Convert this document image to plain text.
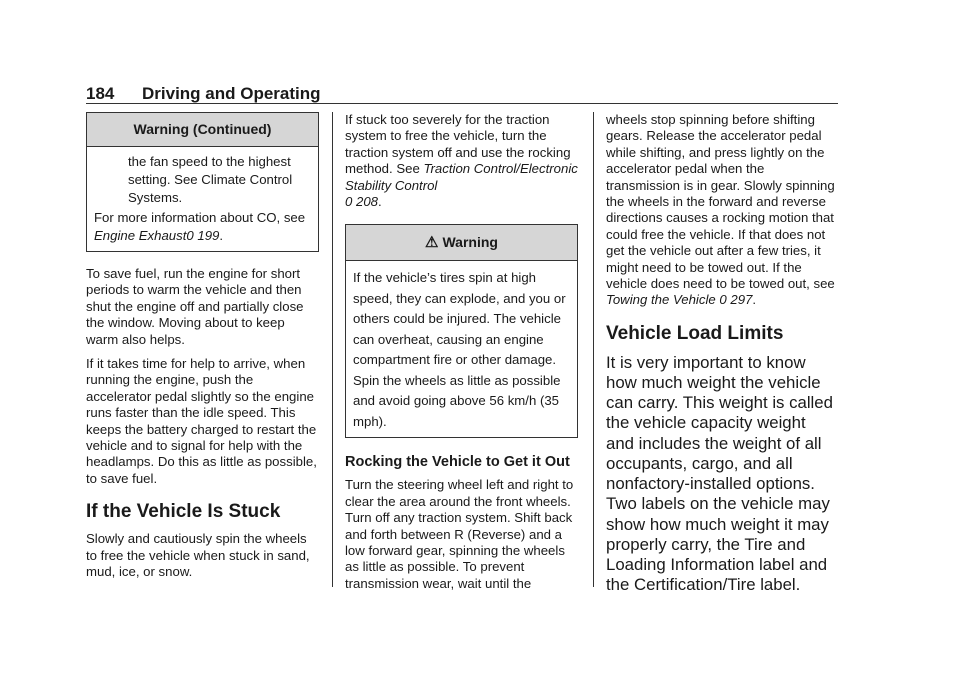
184 Driving and Operating
Warning (Continued)

the fan speed to the highest setting. See Climate Control Systems.

For more information about CO, see Engine Exhaust0 199.

To save fuel, run the engine for short periods to warm the vehicle and then shut the engine off and partially close the window. Moving about to keep warm also helps.

If it takes time for help to arrive, when running the engine, push the accelerator pedal slightly so the engine runs faster than the idle speed. This keeps the battery charged to restart the vehicle and to signal for help with the headlamps. Do this as little as possible, to save fuel.

If the Vehicle Is Stuck

Slowly and cautiously spin the wheels to free the vehicle when stuck in sand, mud, ice, or snow.

If stuck too severely for the traction system to free the vehicle, turn the traction system off and use the rocking method. See Traction Control/Electronic Stability Control
0 208.

⚠ Warning

If the vehicle’s tires spin at high speed, they can explode, and you or others could be injured. The vehicle can overheat, causing an engine compartment fire or other damage. Spin the wheels as little as possible and avoid going above 56 km/h (35 mph).

Rocking the Vehicle to Get it Out

Turn the steering wheel left and right to clear the area around the front wheels. Turn off any traction system. Shift back and forth between R (Reverse) and a low forward gear, spinning the wheels as little as possible. To prevent transmission wear, wait until the

wheels stop spinning before shifting gears. Release the accelerator pedal while shifting, and press lightly on the accelerator pedal when the transmission is in gear. Slowly spinning the wheels in the forward and reverse directions causes a rocking motion that could free the vehicle. If that does not get the vehicle out after a few tries, it might need to be towed out. If the vehicle does need to be towed out, see Towing the Vehicle 0 297.

Vehicle Load Limits

It is very important to know how much weight the vehicle can carry. This weight is called the vehicle capacity weight and includes the weight of all occupants, cargo, and all nonfactory-installed options. Two labels on the vehicle may show how much weight it may properly carry, the Tire and Loading Information label and the Certification/Tire label.
